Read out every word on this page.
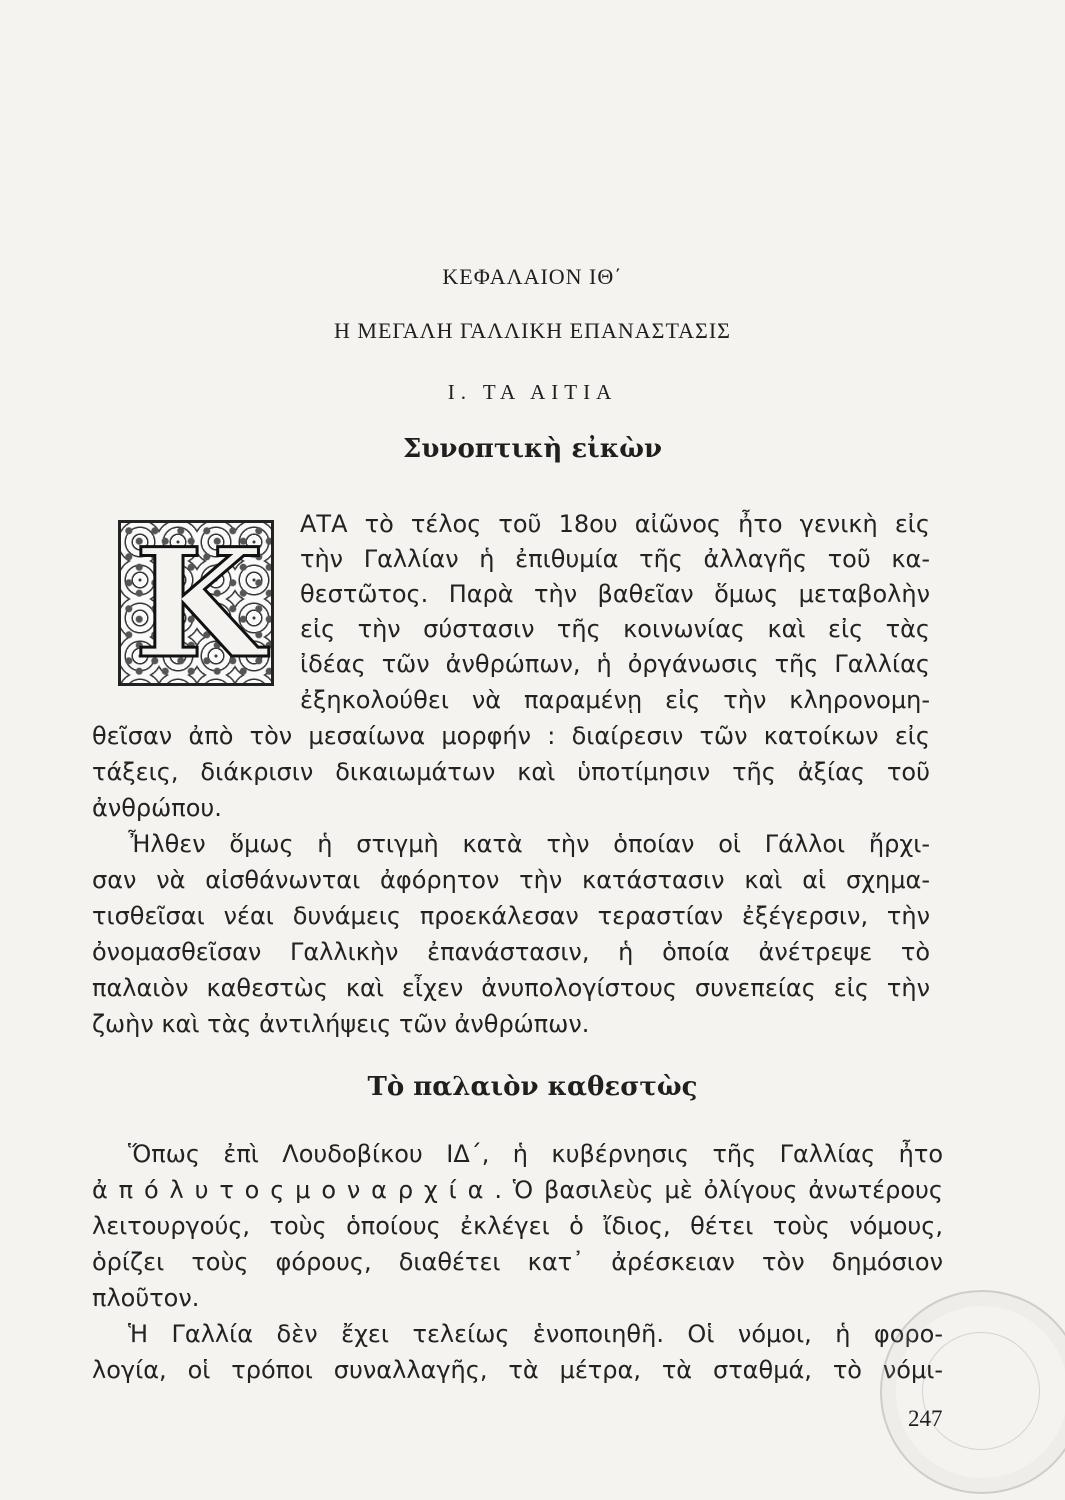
ΚΕΦΑΛΑΙΟΝ ΙΘ΄
Η ΜΕΓΑΛΗ ΓΑΛΛΙΚΗ ΕΠΑΝΑΣΤΑΣΙΣ
Ι. ΤΑ ΑΙΤΙΑ
Συνοπτικὴ εἰκὼν
Κ ΑΤΑ τὸ τέλος τοῦ 18ου αἰῶνος ἦτο γενικὴ εἰς
τὴν Γαλλίαν ἡ ἐπιθυμία τῆς ἀλλαγῆς τοῦ κα-
θεστῶτος. Παρὰ τὴν βαθεῖαν ὅμως μεταβολὴν
εἰς τὴν σύστασιν τῆς κοινωνίας καὶ εἰς τὰς
ἰδέας τῶν ἀνθρώπων, ἡ ὀργάνωσις τῆς Γαλλίας
ἐξηκολούθει νὰ παραμένῃ εἰς τὴν κληρονομη-
θεῖσαν ἀπὸ τὸν μεσαίωνα μορφήν : διαίρεσιν τῶν κατοίκων εἰς
τάξεις, διάκρισιν δικαιωμάτων καὶ ὑποτίμησιν τῆς ἀξίας τοῦ
ἀνθρώπου.
Ἦλθεν ὅμως ἡ στιγμὴ κατὰ τὴν ὁποίαν οἱ Γάλλοι ἤρχι-
σαν νὰ αἰσθάνωνται ἀφόρητον τὴν κατάστασιν καὶ αἱ σχημα-
τισθεῖσαι νέαι δυνάμεις προεκάλεσαν τεραστίαν ἐξέγερσιν, τὴν
ὀνομασθεῖσαν Γαλλικὴν ἐπανάστασιν, ἡ ὁποία ἀνέτρεψε τὸ
παλαιὸν καθεστὼς καὶ εἶχεν ἀνυπολογίστους συνεπείας εἰς τὴν
ζωὴν καὶ τὰς ἀντιλήψεις τῶν ἀνθρώπων.
Τὸ παλαιὸν καθεστὼς
Ὅπως ἐπὶ Λουδοβίκου ΙΔ΄, ἡ κυβέρνησις τῆς Γαλλίας ἦτο
ἀ π ό λ υ τ ο ς μ ο ν α ρ χ ί α . Ὁ βασιλεὺς μὲ ὀλίγους ἀνωτέρους
λειτουργούς, τοὺς ὁποίους ἐκλέγει ὁ ἴδιος, θέτει τοὺς νόμους,
ὁρίζει τοὺς φόρους, διαθέτει κατ᾿ ἀρέσκειαν τὸν δημόσιον
πλοῦτον.
Ἡ Γαλλία δὲν ἔχει τελείως ἑνοποιηθῆ. Οἱ νόμοι, ἡ φορο-
λογία, οἱ τρόποι συναλλαγῆς, τὰ μέτρα, τὰ σταθμά, τὸ νόμι-
247
